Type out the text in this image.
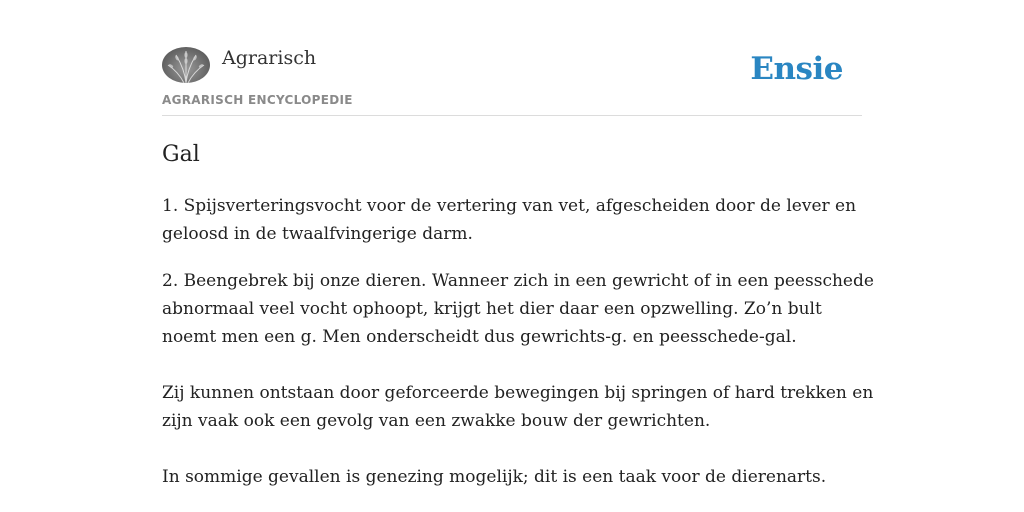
Agrarisch
AGRARISCH ENCYCLOPEDIE
Ensie
Gal

1. Spijsverteringsvocht voor de vertering van vet, afgescheiden door de lever en

geloosd in de twaalfvingerige darm.

2. Beengebrek bij onze dieren. Wanneer zich in een gewricht of in een peesschede

abnormaal veel vocht ophoopt, krijgt het dier daar een opzwelling. Zo’n bult

noemt men een g. Men onderscheidt dus gewrichts-g. en peesschede-gal.

Zij kunnen ontstaan door geforceerde bewegingen bij springen of hard trekken en

zijn vaak ook een gevolg van een zwakke bouw der gewrichten.

In sommige gevallen is genezing mogelijk; dit is een taak voor de dierenarts.
